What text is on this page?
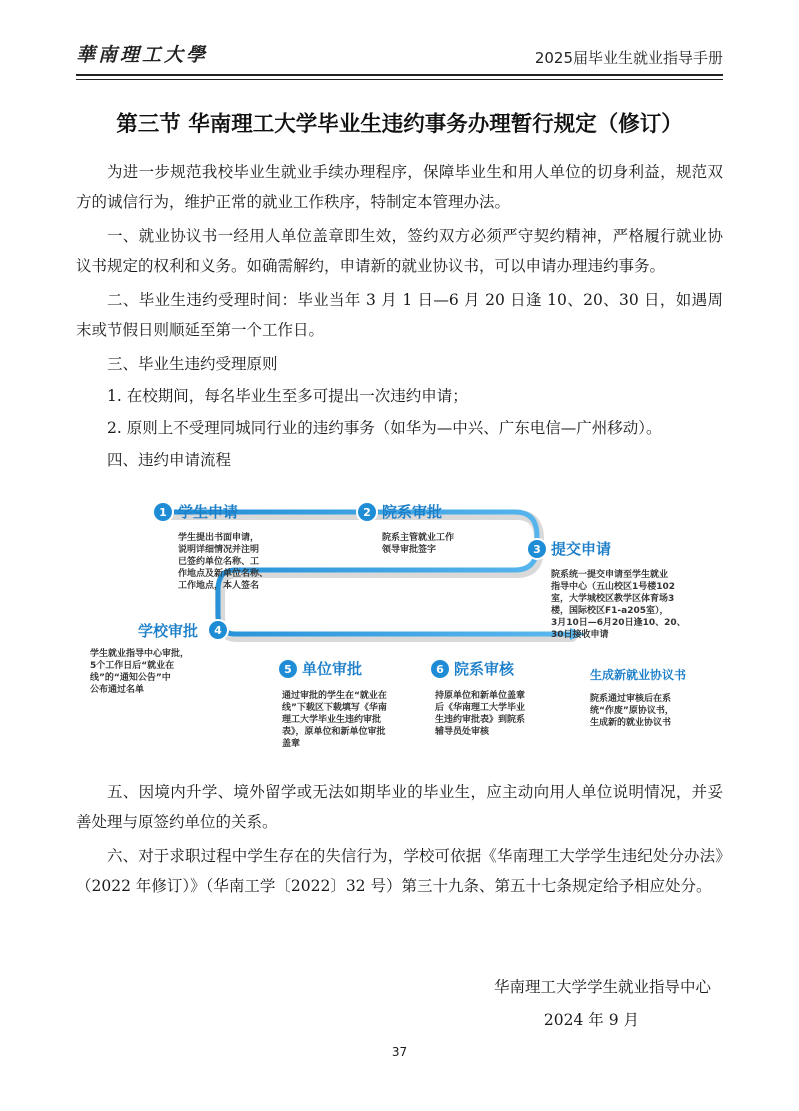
華南理工大學	2025届毕业生就业指导手册
第三节 华南理工大学毕业生违约事务办理暂行规定（修订）
为进一步规范我校毕业生就业手续办理程序，保障毕业生和用人单位的切身利益，规范双方的诚信行为，维护正常的就业工作秩序，特制定本管理办法。
一、就业协议书一经用人单位盖章即生效，签约双方必须严守契约精神，严格履行就业协议书规定的权利和义务。如确需解约，申请新的就业协议书，可以申请办理违约事务。
二、毕业生违约受理时间：毕业当年 3 月 1 日—6 月 20 日逢 10、20、30 日，如遇周末或节假日则顺延至第一个工作日。
三、毕业生违约受理原则
1. 在校期间，每名毕业生至多可提出一次违约申请；
2. 原则上不受理同城同行业的违约事务（如华为—中兴、广东电信—广州移动）。
四、违约申请流程
1 学生申请
学生提出书面申请，
说明详细情况并注明
已签约单位名称、工
作地点及新单位名称、
工作地点，本人签名
2 院系审批
院系主管就业工作
领导审批签字	3 提交申请
院系统一提交申请至学生就业
指导中心（五山校区1号楼102
室，大学城校区教学区体育场3
楼，国际校区F1-a205室），
3月10日—6月20日逢10、20、
30日接收申请
4
学校审批
学生就业指导中心审批，
5个工作日后“就业在
线”的“通知公告”中
公布通过名单
5 单位审批
通过审批的学生在“就业在
线”下载区下载填写《华南
理工大学毕业生违约审批
表》，原单位和新单位审批
盖章
6 院系审核
持原单位和新单位盖章
后《华南理工大学毕业
生违约审批表》到院系
辅导员处审核
生成新就业协议书
院系通过审核后在系
统“作废”原协议书，
生成新的就业协议书
五、因境内升学、境外留学或无法如期毕业的毕业生，应主动向用人单位说明情况，并妥善处理与原签约单位的关系。
六、对于求职过程中学生存在的失信行为，学校可依据《华南理工大学学生违纪处分办法》（2022 年修订）》（华南工学〔2022〕32 号）第三十九条、第五十七条规定给予相应处分。
华南理工大学学生就业指导中心
2024 年 9 月
37
